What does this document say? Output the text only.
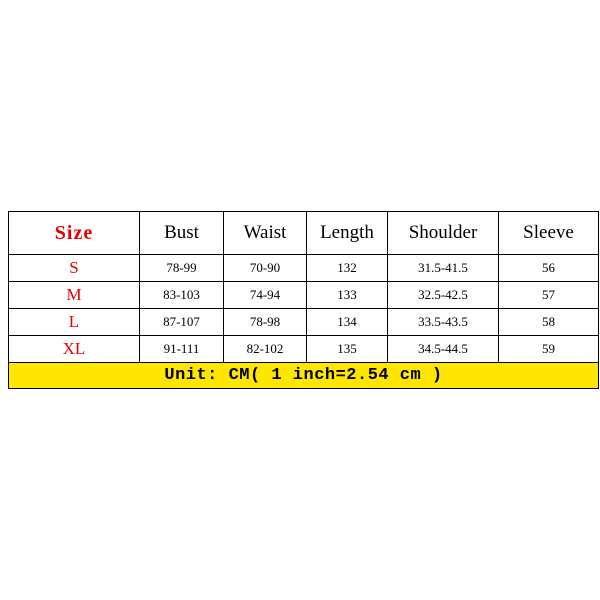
Size	Bust	Waist	Length	Shoulder	Sleeve
S	78-99	70-90	132	31.5-41.5	56
M	83-103	74-94	133	32.5-42.5	57
L	87-107	78-98	134	33.5-43.5	58
XL	91-111	82-102	135	34.5-44.5	59
Unit: CM( 1 inch=2.54 cm )					
